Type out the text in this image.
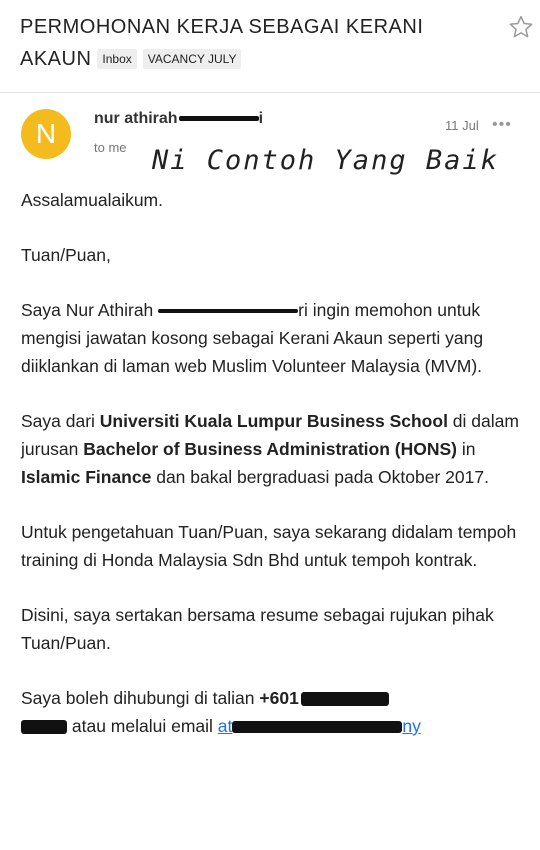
PERMOHONAN KERJA SEBAGAI KERANI
AKAUN Inbox	VACANCY JULY
N	nur athirah	i
to me
11 Jul •••
Ni Contoh Yang Baik

Assalamualaikum.

Tuan/Puan,

Saya Nur Athirah	ri ingin memohon untuk mengisi jawatan kosong sebagai Kerani Akaun seperti yang diiklankan di laman web Muslim Volunteer Malaysia (MVM).

Saya dari Universiti Kuala Lumpur Business School di dalam jurusan Bachelor of Business Administration (HONS) in Islamic Finance dan bakal bergraduasi pada Oktober 2017.

Untuk pengetahuan Tuan/Puan, saya sekarang didalam tempoh training di Honda Malaysia Sdn Bhd untuk tempoh kontrak.

Disini, saya sertakan bersama resume sebagai rujukan pihak Tuan/Puan.

Saya boleh dihubungi di talian +601
atau melalui email at	ny
